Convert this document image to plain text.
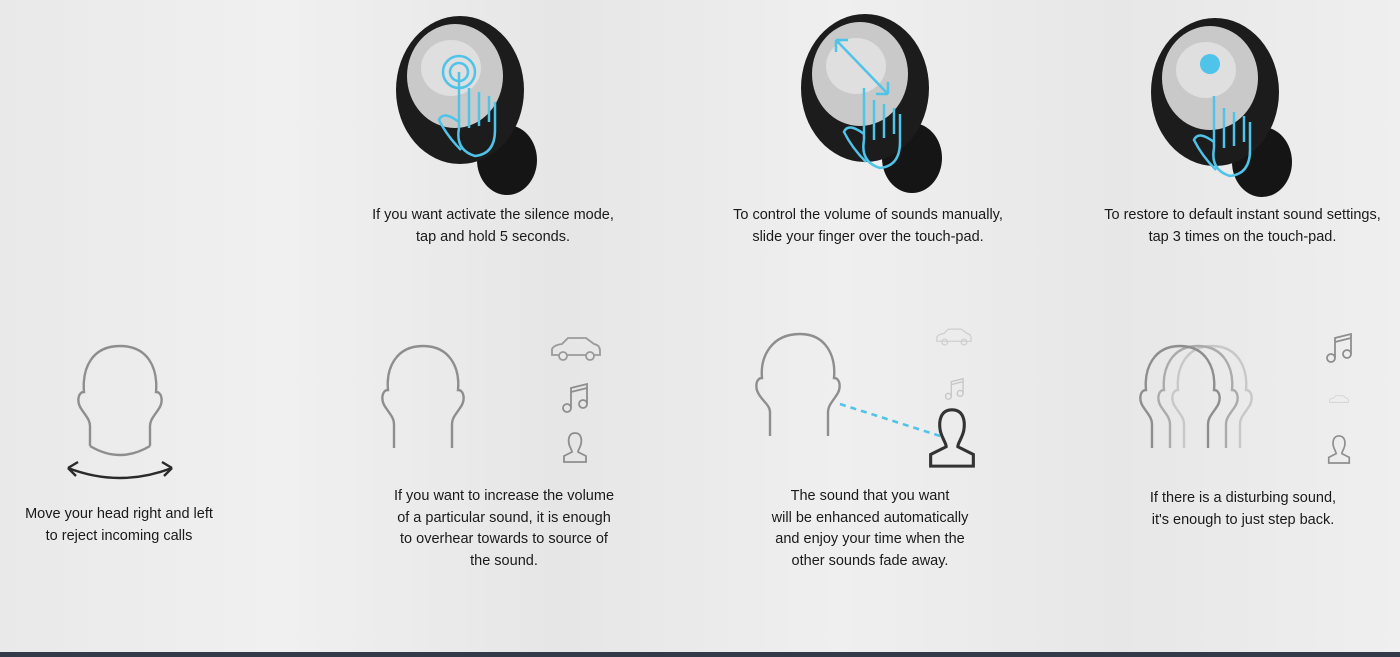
If you want activate the silence mode,
tap and hold 5 seconds.
To control the volume of sounds manually,
slide your finger over the touch-pad.
To restore to default instant sound settings,
tap 3 times on the touch-pad.
Move your head right and left
to reject incoming calls
If you want to increase the volume
of a particular sound, it is enough
to overhear towards to source of
the sound.
The sound that you want
will be enhanced automatically
and enjoy your time when the
other sounds fade away.
If there is a disturbing sound,
it's enough to just step back.
